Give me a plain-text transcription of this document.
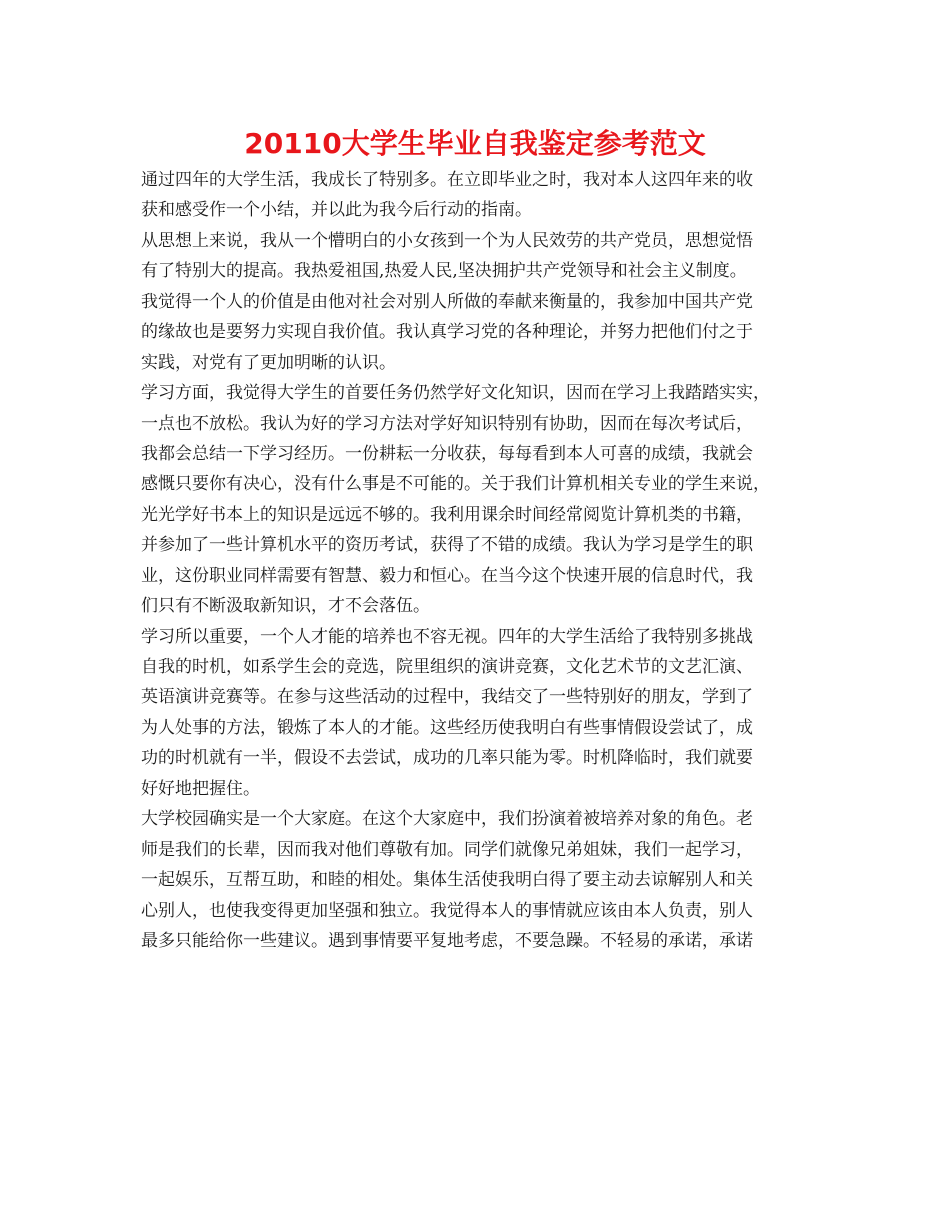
20110大学生毕业自我鉴定参考范文
通过四年的大学生活，我成长了特别多。在立即毕业之时，我对本人这四年来的收
获和感受作一个小结，并以此为我今后行动的指南。
从思想上来说，我从一个懵明白的小女孩到一个为人民效劳的共产党员，思想觉悟
有了特别大的提高。我热爱祖国,热爱人民,坚决拥护共产党领导和社会主义制度。
我觉得一个人的价值是由他对社会对别人所做的奉献来衡量的，我参加中国共产党
的缘故也是要努力实现自我价值。我认真学习党的各种理论，并努力把他们付之于
实践，对党有了更加明晰的认识。
学习方面，我觉得大学生的首要任务仍然学好文化知识，因而在学习上我踏踏实实，
一点也不放松。我认为好的学习方法对学好知识特别有协助，因而在每次考试后，
我都会总结一下学习经历。一份耕耘一分收获，每每看到本人可喜的成绩，我就会
感慨只要你有决心，没有什么事是不可能的。关于我们计算机相关专业的学生来说，
光光学好书本上的知识是远远不够的。我利用课余时间经常阅览计算机类的书籍，
并参加了一些计算机水平的资历考试，获得了不错的成绩。我认为学习是学生的职
业，这份职业同样需要有智慧、毅力和恒心。在当今这个快速开展的信息时代，我
们只有不断汲取新知识，才不会落伍。
学习所以重要，一个人才能的培养也不容无视。四年的大学生活给了我特别多挑战
自我的时机，如系学生会的竞选，院里组织的演讲竞赛，文化艺术节的文艺汇演、
英语演讲竞赛等。在参与这些活动的过程中，我结交了一些特别好的朋友，学到了
为人处事的方法，锻炼了本人的才能。这些经历使我明白有些事情假设尝试了，成
功的时机就有一半，假设不去尝试，成功的几率只能为零。时机降临时，我们就要
好好地把握住。
大学校园确实是一个大家庭。在这个大家庭中，我们扮演着被培养对象的角色。老
师是我们的长辈，因而我对他们尊敬有加。同学们就像兄弟姐妹，我们一起学习，
一起娱乐，互帮互助，和睦的相处。集体生活使我明白得了要主动去谅解别人和关
心别人，也使我变得更加坚强和独立。我觉得本人的事情就应该由本人负责，别人
最多只能给你一些建议。遇到事情要平复地考虑，不要急躁。不轻易的承诺，承诺
